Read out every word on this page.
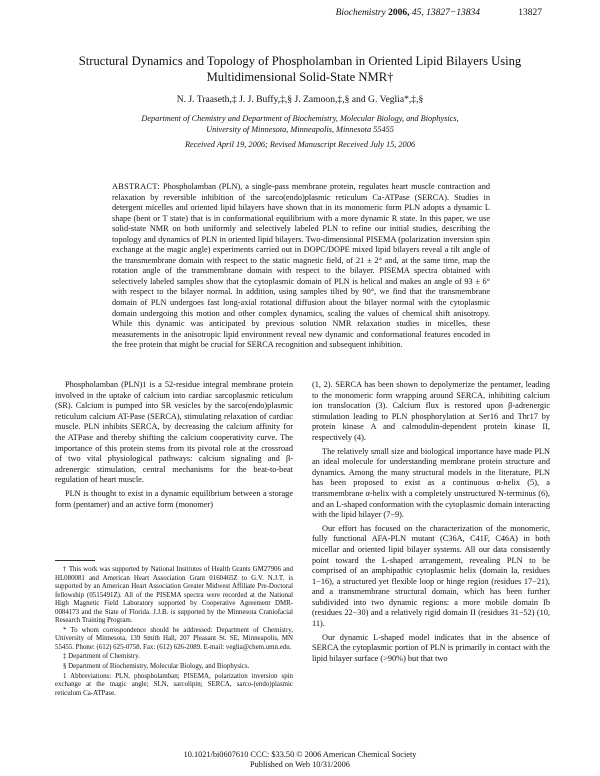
Biochemistry 2006, 45, 13827−13834	13827
Structural Dynamics and Topology of Phospholamban in Oriented Lipid Bilayers Using Multidimensional Solid-State NMR†
N. J. Traaseth,‡ J. J. Buffy,‡,§ J. Zamoon,‡,§ and G. Veglia*,‡,§
Department of Chemistry and Department of Biochemistry, Molecular Biology, and Biophysics,
University of Minnesota, Minneapolis, Minnesota 55455
Received April 19, 2006; Revised Manuscript Received July 15, 2006
ABSTRACT: Phospholamban (PLN), a single-pass membrane protein, regulates heart muscle contraction and relaxation by reversible inhibition of the sarco(endo)plasmic reticulum Ca-ATPase (SERCA). Studies in detergent micelles and oriented lipid bilayers have shown that in its monomeric form PLN adopts a dynamic L shape (bent or T state) that is in conformational equilibrium with a more dynamic R state. In this paper, we use solid-state NMR on both uniformly and selectively labeled PLN to refine our initial studies, describing the topology and dynamics of PLN in oriented lipid bilayers. Two-dimensional PISEMA (polarization inversion spin exchange at the magic angle) experiments carried out in DOPC/DOPE mixed lipid bilayers reveal a tilt angle of the transmembrane domain with respect to the static magnetic field, of 21 ± 2° and, at the same time, map the rotation angle of the transmembrane domain with respect to the bilayer. PISEMA spectra obtained with selectively labeled samples show that the cytoplasmic domain of PLN is helical and makes an angle of 93 ± 6° with respect to the bilayer normal. In addition, using samples tilted by 90°, we find that the transmembrane domain of PLN undergoes fast long-axial rotational diffusion about the bilayer normal with the cytoplasmic domain undergoing this motion and other complex dynamics, scaling the values of chemical shift anisotropy. While this dynamic was anticipated by previous solution NMR relaxation studies in micelles, these measurements in the anisotropic lipid environment reveal new dynamic and conformational features encoded in the free protein that might be crucial for SERCA recognition and subsequent inhibition.

Phospholamban (PLN)1 is a 52-residue integral membrane protein involved in the uptake of calcium into cardiac sarcoplasmic reticulum (SR). Calcium is pumped into SR vesicles by the sarco(endo)plasmic reticulum calcium AT-Pase (SERCA), stimulating relaxation of cardiac muscle. PLN inhibits SERCA, by decreasing the calcium affinity for the ATPase and thereby shifting the calcium cooperativity curve. The importance of this protein stems from its pivotal role at the crossroad of two vital physiological pathways: calcium signaling and β-adrenergic stimulation, central mechanisms for the beat-to-beat regulation of heart muscle.

PLN is thought to exist in a dynamic equilibrium between a storage form (pentamer) and an active form (monomer)

† This work was supported by National Institutes of Health Grants GM27906 and HL080081 and American Heart Association Grant 0160465Z to G.V. N.J.T. is supported by an American Heart Association Greater Midwest Affiliate Pre-Doctoral fellowship (0515491Z). All of the PISEMA spectra were recorded at the National High Magnetic Field Laboratory supported by Cooperative Agreement DMR-0084173 and the State of Florida. J.J.B. is supported by the Minnesota Craniofacial Research Training Program.

* To whom correspondence should be addressed: Department of Chemistry, University of Minnesota, 139 Smith Hall, 207 Pleasant St. SE, Minneapolis, MN 55455. Phone: (612) 625-0758. Fax: (612) 626-2089. E-mail: veglia@chem.umn.edu.

‡ Department of Chemistry.

§ Department of Biochemistry, Molecular Biology, and Biophysics.

1 Abbreviations: PLN, phospholamban; PISEMA, polarization inversion spin exchange at the magic angle; SLN, sarcolipin; SERCA, sarco-(endo)plasmic reticulum Ca-ATPase.

(1, 2). SERCA has been shown to depolymerize the pentamer, leading to the monomeric form wrapping around SERCA, inhibiting calcium ion translocation (3). Calcium flux is restored upon β-adrenergic stimulation leading to PLN phosphorylation at Ser16 and Thr17 by protein kinase A and calmodulin-dependent protein kinase II, respectively (4).

The relatively small size and biological importance have made PLN an ideal molecule for understanding membrane protein structure and dynamics. Among the many structural models in the literature, PLN has been proposed to exist as a continuous α-helix (5), a transmembrane α-helix with a completely unstructured N-terminus (6), and an L-shaped conformation with the cytoplasmic domain interacting with the lipid bilayer (7−9).

Our effort has focused on the characterization of the monomeric, fully functional AFA-PLN mutant (C36A, C41F, C46A) in both micellar and oriented lipid bilayer systems. All our data consistently point toward the L-shaped arrangement, revealing PLN to be comprised of an amphipathic cytoplasmic helix (domain Ia, residues 1−16), a structured yet flexible loop or hinge region (residues 17−21), and a transmembrane structural domain, which has been further subdivided into two dynamic regions: a more mobile domain Ib (residues 22−30) and a relatively rigid domain II (residues 31−52) (10, 11).

Our dynamic L-shaped model indicates that in the absence of SERCA the cytoplasmic portion of PLN is primarily in contact with the lipid bilayer surface (>90%) but that two

10.1021/bi0607610 CCC: $33.50 © 2006 American Chemical Society
Published on Web 10/31/2006
